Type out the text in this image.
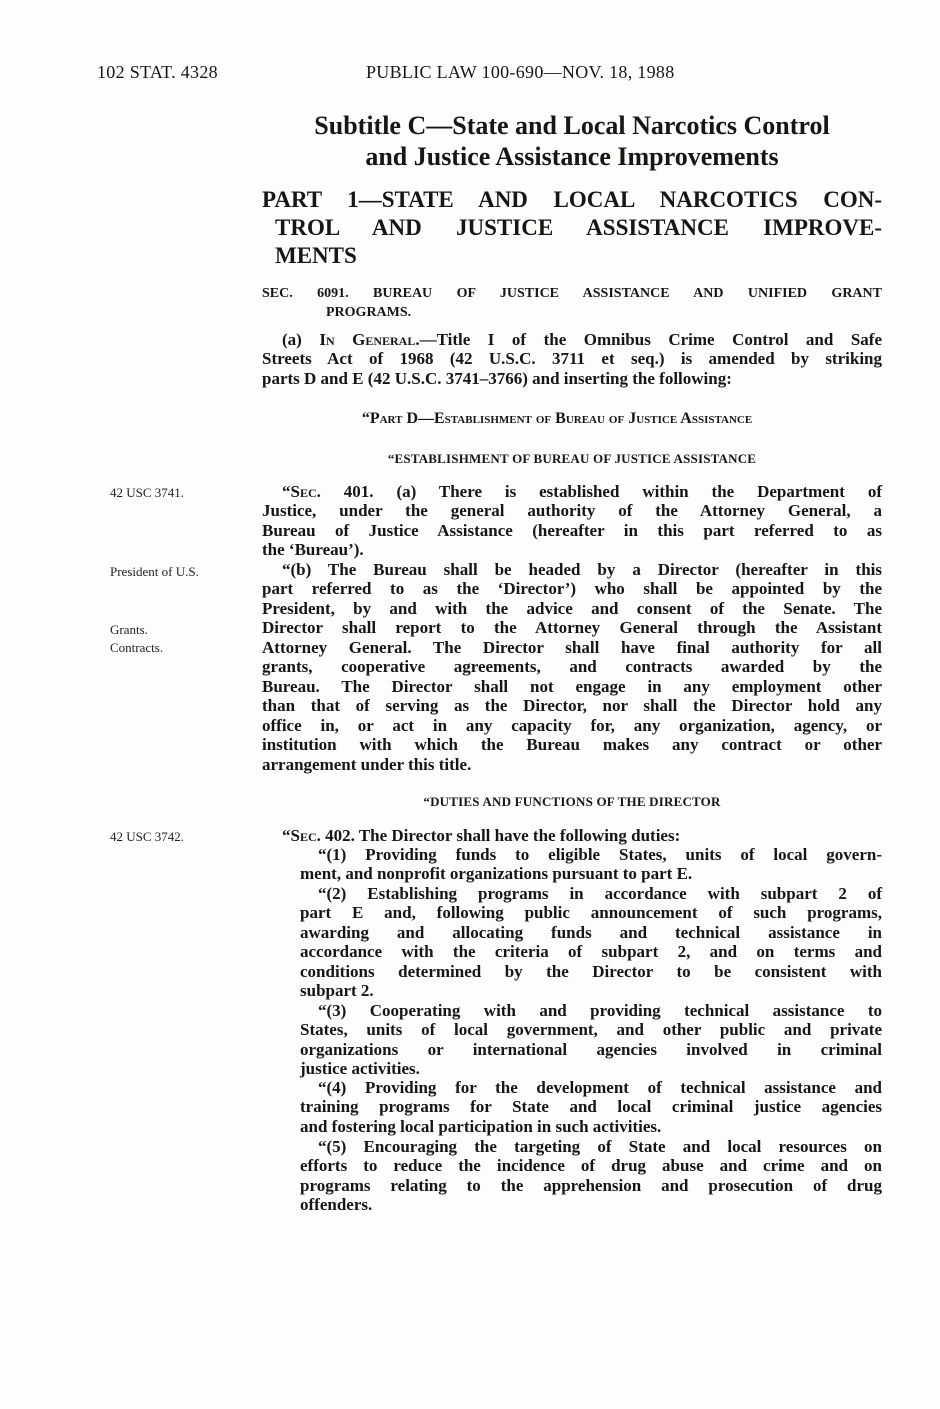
102 STAT. 4328	PUBLIC LAW 100-690—NOV. 18, 1988
Subtitle C—State and Local Narcotics Control
and Justice Assistance Improvements
PART 1—STATE AND LOCAL NARCOTICS CON-
TROL AND JUSTICE ASSISTANCE IMPROVE-
MENTS
SEC. 6091. BUREAU OF JUSTICE ASSISTANCE AND UNIFIED GRANT
PROGRAMS.
(a) In General.—Title I of the Omnibus Crime Control and Safe
Streets Act of 1968 (42 U.S.C. 3711 et seq.) is amended by striking
parts D and E (42 U.S.C. 3741–3766) and inserting the following:
“Part D—Establishment of Bureau of Justice Assistance
“ESTABLISHMENT OF BUREAU OF JUSTICE ASSISTANCE
42 USC 3741.	“Sec. 401. (a) There is established within the Department of
Justice, under the general authority of the Attorney General, a
Bureau of Justice Assistance (hereafter in this part referred to as
the ‘Bureau’).
President of U.S.
Grants.
Contracts.
“(b) The Bureau shall be headed by a Director (hereafter in this
part referred to as the ‘Director’) who shall be appointed by the
President, by and with the advice and consent of the Senate. The
Director shall report to the Attorney General through the Assistant
Attorney General. The Director shall have final authority for all
grants, cooperative agreements, and contracts awarded by the
Bureau. The Director shall not engage in any employment other
than that of serving as the Director, nor shall the Director hold any
office in, or act in any capacity for, any organization, agency, or
institution with which the Bureau makes any contract or other
arrangement under this title.
“DUTIES AND FUNCTIONS OF THE DIRECTOR
42 USC 3742.	“Sec. 402. The Director shall have the following duties:
“(1) Providing funds to eligible States, units of local govern-
ment, and nonprofit organizations pursuant to part E.
“(2) Establishing programs in accordance with subpart 2 of
part E and, following public announcement of such programs,
awarding and allocating funds and technical assistance in
accordance with the criteria of subpart 2, and on terms and
conditions determined by the Director to be consistent with
subpart 2.
“(3) Cooperating with and providing technical assistance to
States, units of local government, and other public and private
organizations or international agencies involved in criminal
justice activities.
“(4) Providing for the development of technical assistance and
training programs for State and local criminal justice agencies
and fostering local participation in such activities.
“(5) Encouraging the targeting of State and local resources on
efforts to reduce the incidence of drug abuse and crime and on
programs relating to the apprehension and prosecution of drug
offenders.
